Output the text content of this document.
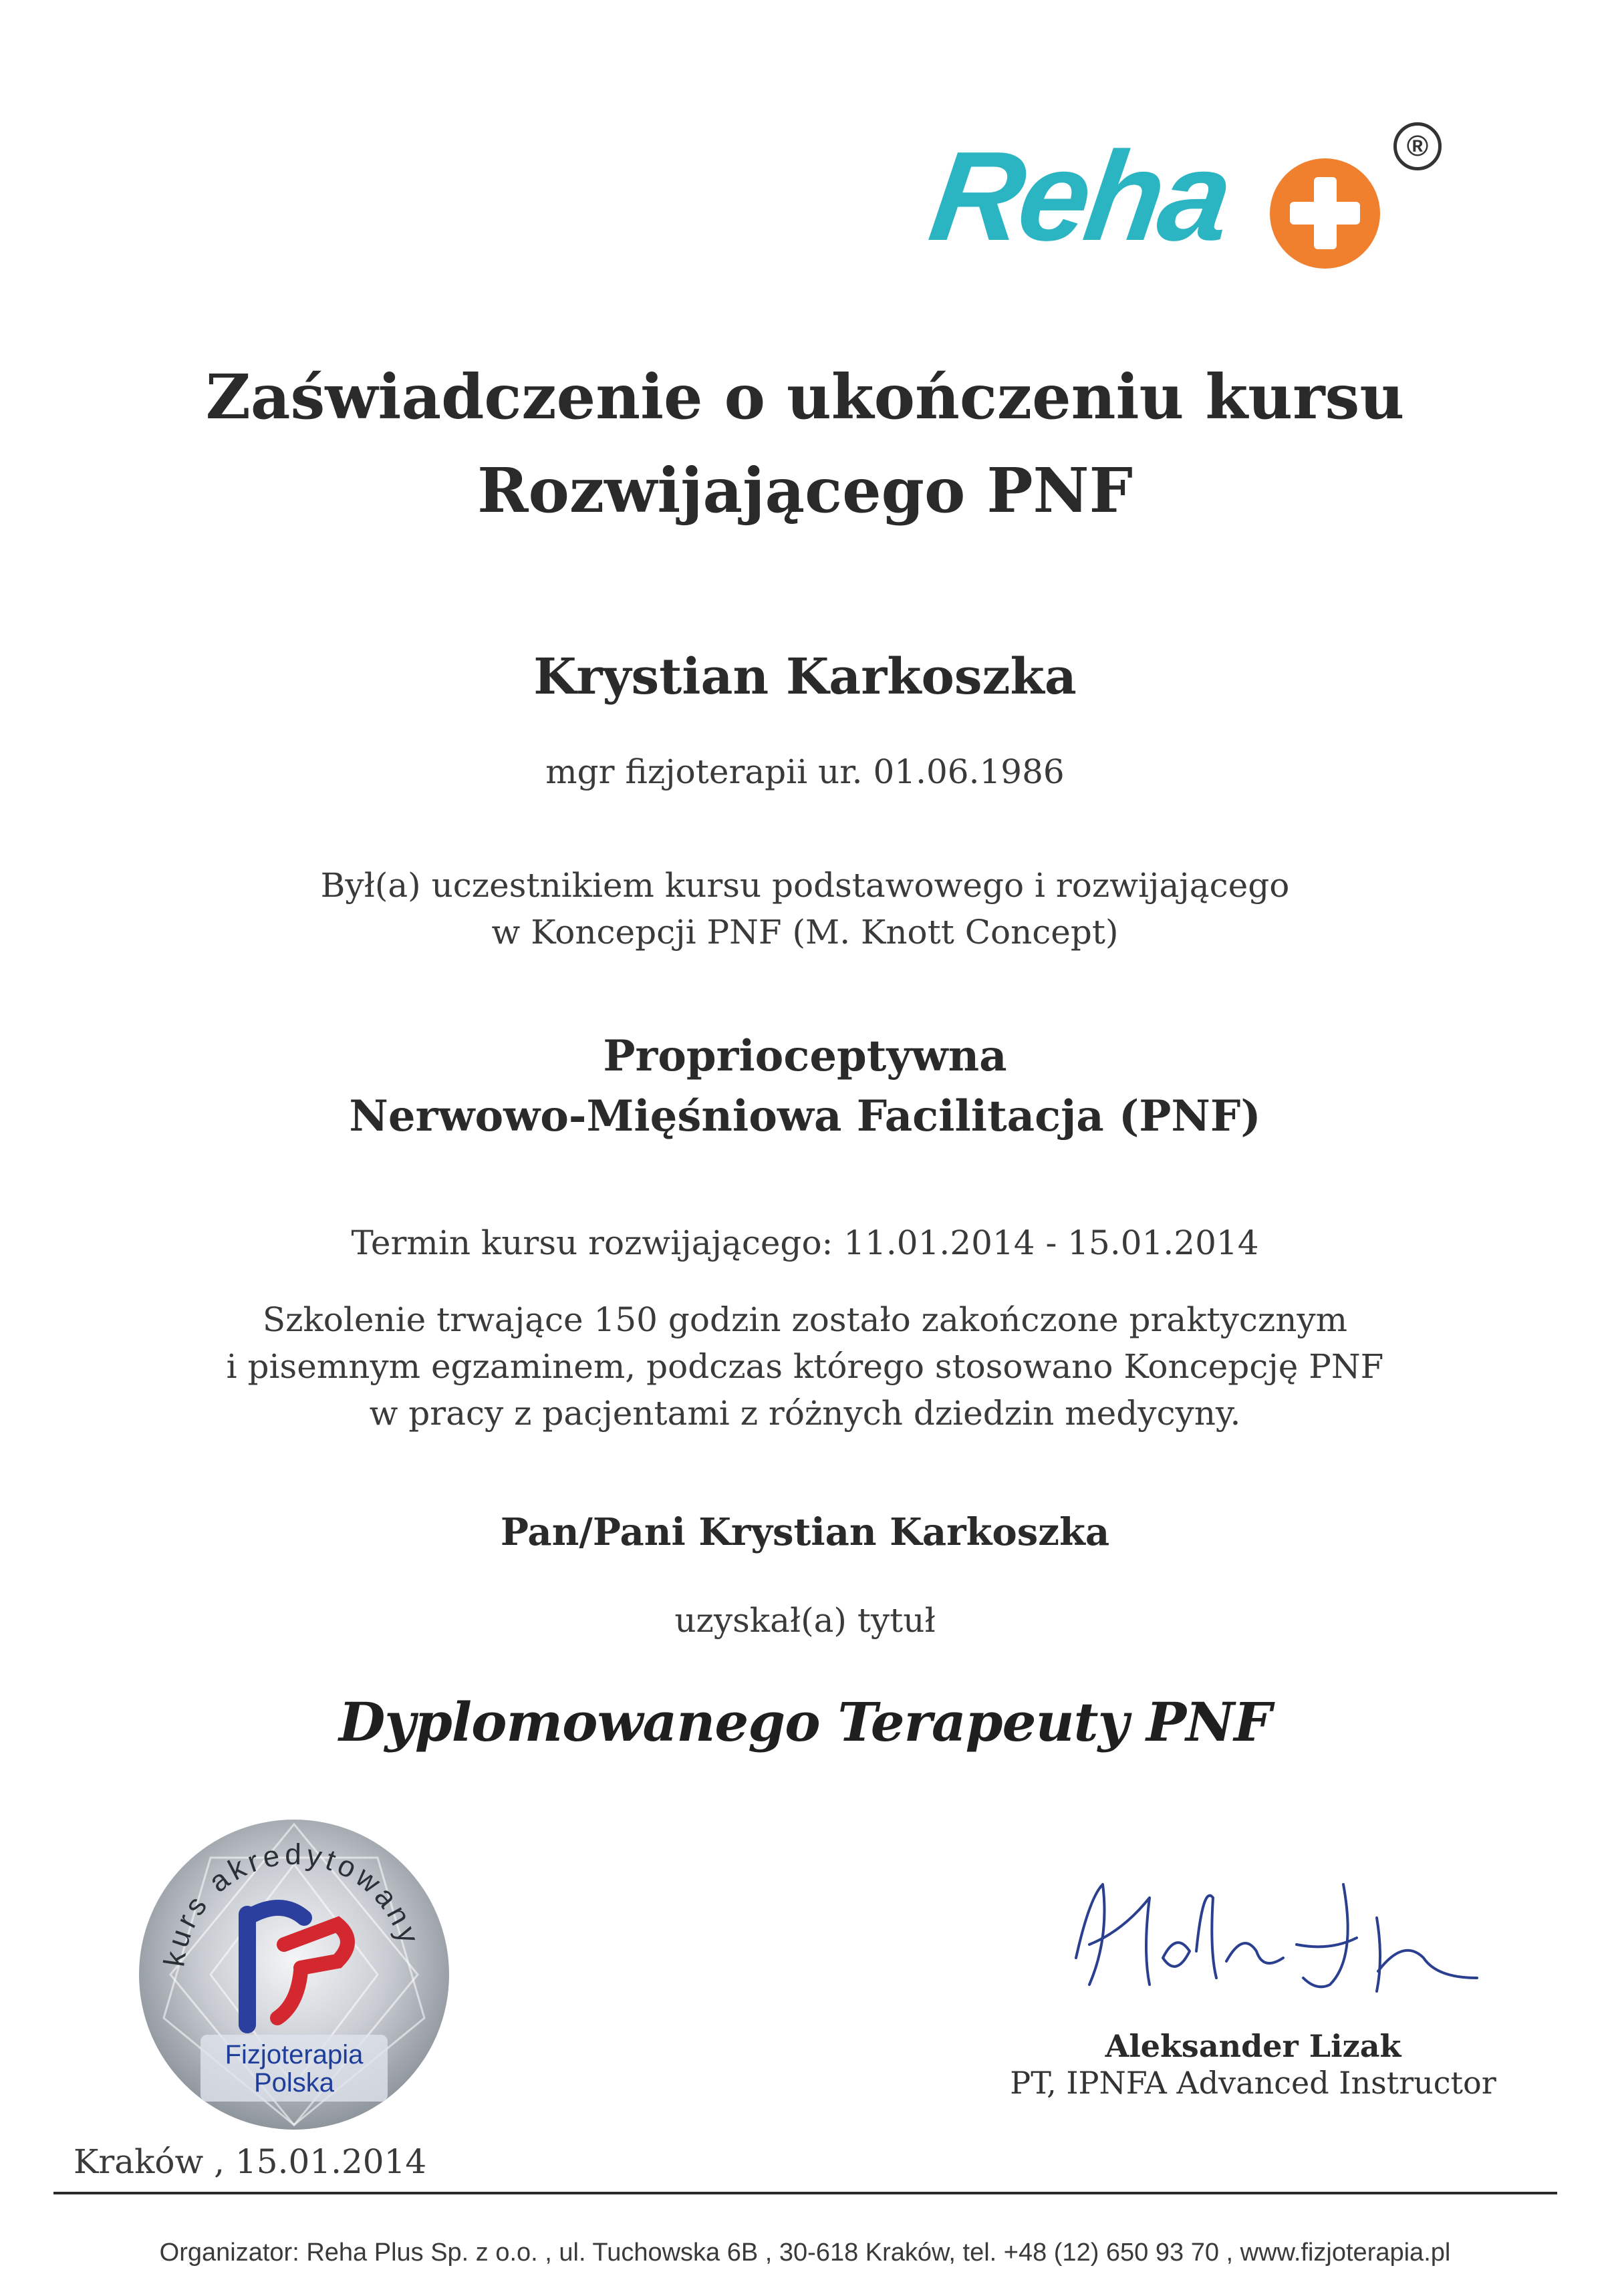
Reha	®
Zaświadczenie o ukończeniu kursu
Rozwijającego PNF
Krystian Karkoszka
mgr fizjoterapii ur. 01.06.1986
Był(a) uczestnikiem kursu podstawowego i rozwijającego
w Koncepcji PNF (M. Knott Concept)
Proprioceptywna
Nerwowo-Mięśniowa Facilitacja (PNF)
Termin kursu rozwijającego: 11.01.2014 - 15.01.2014
Szkolenie trwające 150 godzin zostało zakończone praktycznym
i pisemnym egzaminem, podczas którego stosowano Koncepcję PNF
w pracy z pacjentami z różnych dziedzin medycyny.
Pan/Pani Krystian Karkoszka
uzyskał(a) tytuł
Dyplomowanego Terapeuty PNF
kurs akredytowany
Fizjoterapia
Polska
Aleksander Lizak
PT, IPNFA Advanced Instructor
Kraków , 15.01.2014
Organizator: Reha Plus Sp. z o.o. , ul. Tuchowska 6B , 30-618 Kraków, tel. +48 (12) 650 93 70 , www.fizjoterapia.pl
